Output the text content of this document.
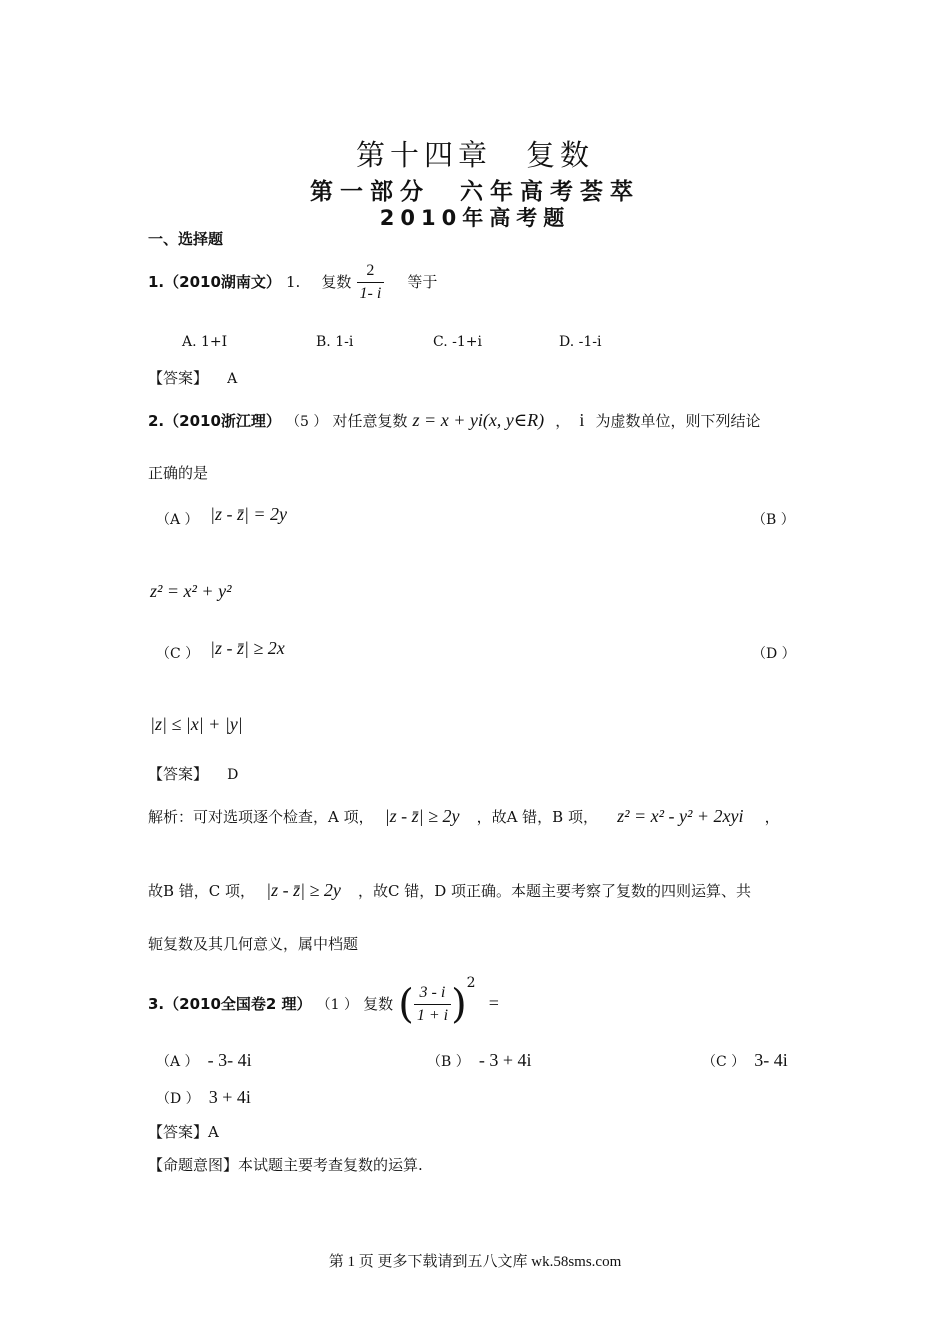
第十四章　复数
第一部分　六年高考荟萃
2010年高考题
一、选择题
1.（2010湖南文） 1. 复数 $\frac{2}{1- i}$ 等于
A. 1+I	B. 1-i	C. -1+i	D. -1-i
【答案】 A
2.（2010浙江理） （5 ） 对任意复数 z = x + yi(x, y∈R) ， i 为虚数单位，则下列结论
正确的是
（A ） |z - z̄| = 2y	（B ）
z² = x² + y²
（C ） |z - z̄| ≥ 2x	（D ）
|z| ≤ |x| + |y|
【答案】 D
解析：可对选项逐个检查，A 项， |z - z̄| ≥ 2y ，故A 错，B 项， z² = x² - y² + 2xyi ，
故B 错，C 项， |z - z̄| ≥ 2y ，故C 错，D 项正确。本题主要考察了复数的四则运算、共
轭复数及其几何意义，属中档题
3.（2010全国卷2 理） （1 ） 复数 ( $\frac{3 - i}{1 + i} )^2$ =
（A ） - 3- 4i	（B ） - 3 + 4i	（C ） 3- 4i
（D ） 3 + 4i
【答案】A
【命题意图】本试题主要考查复数的运算.
第 1 页 更多下载请到五八文库 wk.58sms.com
